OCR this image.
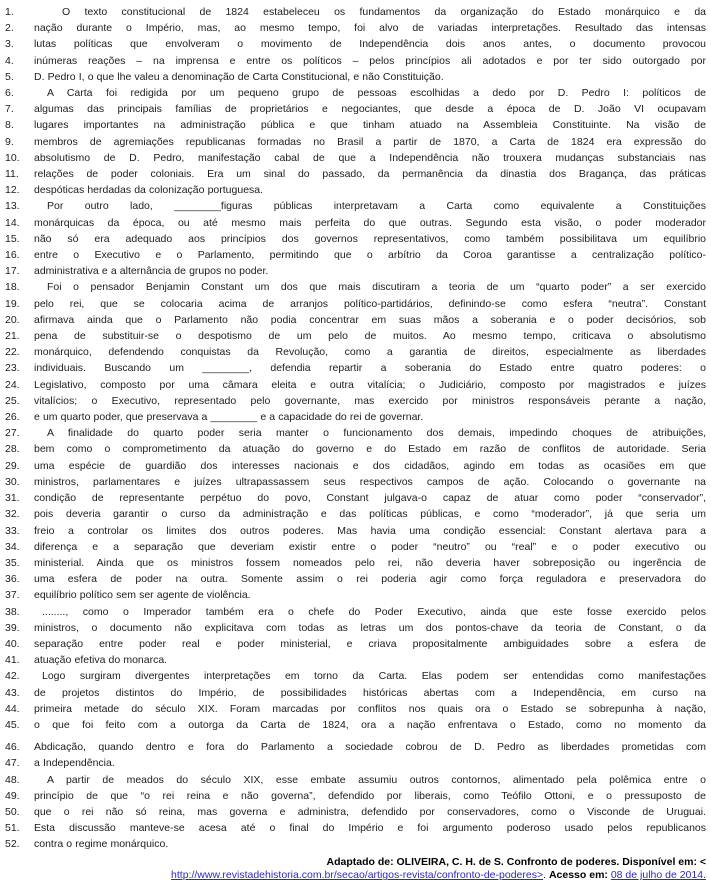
1.	O texto constitucional de 1824 estabeleceu os fundamentos da organização do Estado monárquico e da
2.	nação durante o Império, mas, ao mesmo tempo, foi alvo de variadas interpretações. Resultado das intensas
3.	lutas políticas que envolveram o movimento de Independência dois anos antes, o documento provocou
4.	inúmeras reações – na imprensa e entre os políticos – pelos princípios ali adotados e por ter sido outorgado por
5.	D. Pedro I, o que lhe valeu a denominação de Carta Constitucional, e não Constituição.
6.	A Carta foi redigida por um pequeno grupo de pessoas escolhidas a dedo por D. Pedro I: políticos de
7.	algumas das principais famílias de proprietários e negociantes, que desde a época de D. João VI ocupavam
8.	lugares importantes na administração pública e que tinham atuado na Assembleia Constituinte. Na visão de
9.	membros de agremiações republicanas formadas no Brasil a partir de 1870, a Carta de 1824 era expressão do
10.	absolutismo de D. Pedro, manifestação cabal de que a Independência não trouxera mudanças substanciais nas
11.	relações de poder coloniais. Era um sinal do passado, da permanência da dinastia dos Bragança, das práticas
12.	despóticas herdadas da colonização portuguesa.
13.	Por outro lado, ________figuras públicas interpretavam a Carta como equivalente a Constituições
14.	monárquicas da época, ou até mesmo mais perfeita do que outras. Segundo esta visão, o poder moderador
15.	não só era adequado aos princípios dos governos representativos, como também possibilitava um equilíbrio
16.	entre o Executivo e o Parlamento, permitindo que o arbítrio da Coroa garantisse a centralização político-
17.	administrativa e a alternância de grupos no poder.
18.	Foi o pensador Benjamin Constant um dos que mais discutiram a teoria de um “quarto poder” a ser exercido
19.	pelo rei, que se colocaria acima de arranjos político-partidários, definindo-se como esfera “neutra”. Constant
20.	afirmava ainda que o Parlamento não podia concentrar em suas mãos a soberania e o poder decisórios, sob
21.	pena de substituir-se o despotismo de um pelo de muitos. Ao mesmo tempo, criticava o absolutismo
22.	monárquico, defendendo conquistas da Revolução, como a garantia de direitos, especialmente as liberdades
23.	individuais. Buscando um ________, defendia repartir a soberania do Estado entre quatro poderes: o
24.	Legislativo, composto por uma câmara eleita e outra vitalícia; o Judiciário, composto por magistrados e juízes
25.	vitalícios; o Executivo, representado pelo governante, mas exercido por ministros responsáveis perante a nação,
26.	e um quarto poder, que preservava a ________ e a capacidade do rei de governar.
27.	A finalidade do quarto poder seria manter o funcionamento dos demais, impedindo choques de atribuições,
28.	bem como o comprometimento da atuação do governo e do Estado em razão de conflitos de autoridade. Seria
29.	uma espécie de guardião dos interesses nacionais e dos cidadãos, agindo em todas as ocasiões em que
30.	ministros, parlamentares e juízes ultrapassassem seus respectivos campos de ação. Colocando o governante na
31.	condição de representante perpétuo do povo, Constant julgava-o capaz de atuar como poder “conservador”,
32.	pois deveria garantir o curso da administração e das políticas públicas, e como “moderador”, já que seria um
33.	freio a controlar os limites dos outros poderes. Mas havia uma condição essencial: Constant alertava para a
34.	diferença e a separação que deveriam existir entre o poder “neutro” ou “real” e o poder executivo ou
35.	ministerial. Ainda que os ministros fossem nomeados pelo rei, não deveria haver sobreposição ou ingerência de
36.	uma esfera de poder na outra. Somente assim o rei poderia agir como força reguladora e preservadora do
37.	equilíbrio político sem ser agente de violência.
38.	........, como o Imperador também era o chefe do Poder Executivo, ainda que este fosse exercido pelos
39.	ministros, o documento não explicitava com todas as letras um dos pontos-chave da teoria de Constant, o da
40.	separação entre poder real e poder ministerial, e criava propositalmente ambiguidades sobre a esfera de
41.	atuação efetiva do monarca.
42.	Logo surgiram divergentes interpretações em torno da Carta. Elas podem ser entendidas como manifestações
43.	de projetos distintos do Império, de possibilidades históricas abertas com a Independência, em curso na
44.	primeira metade do século XIX. Foram marcadas por conflitos nos quais ora o Estado se sobrepunha à nação,
45.	o que foi feito com a outorga da Carta de 1824, ora a nação enfrentava o Estado, como no momento da
46.	Abdicação, quando dentro e fora do Parlamento a sociedade cobrou de D. Pedro as liberdades prometidas com
47.	a Independência.
48.	A partir de meados do século XIX, esse embate assumiu outros contornos, alimentado pela polêmica entre o
49.	princípio de que “o rei reina e não governa”, defendido por liberais, como Teófilo Ottoni, e o pressuposto de
50.	que o rei não só reina, mas governa e administra, defendido por conservadores, como o Visconde de Uruguai.
51.	Esta discussão manteve-se acesa até o final do Império e foi argumento poderoso usado pelos republicanos
52.	contra o regime monárquico.
Adaptado de: OLIVEIRA, C. H. de S. Confronto de poderes. Disponível em: <
http://www.revistadehistoria.com.br/secao/artigos-revista/confronto-de-poderes>. Acesso em: 08 de julho de 2014.
